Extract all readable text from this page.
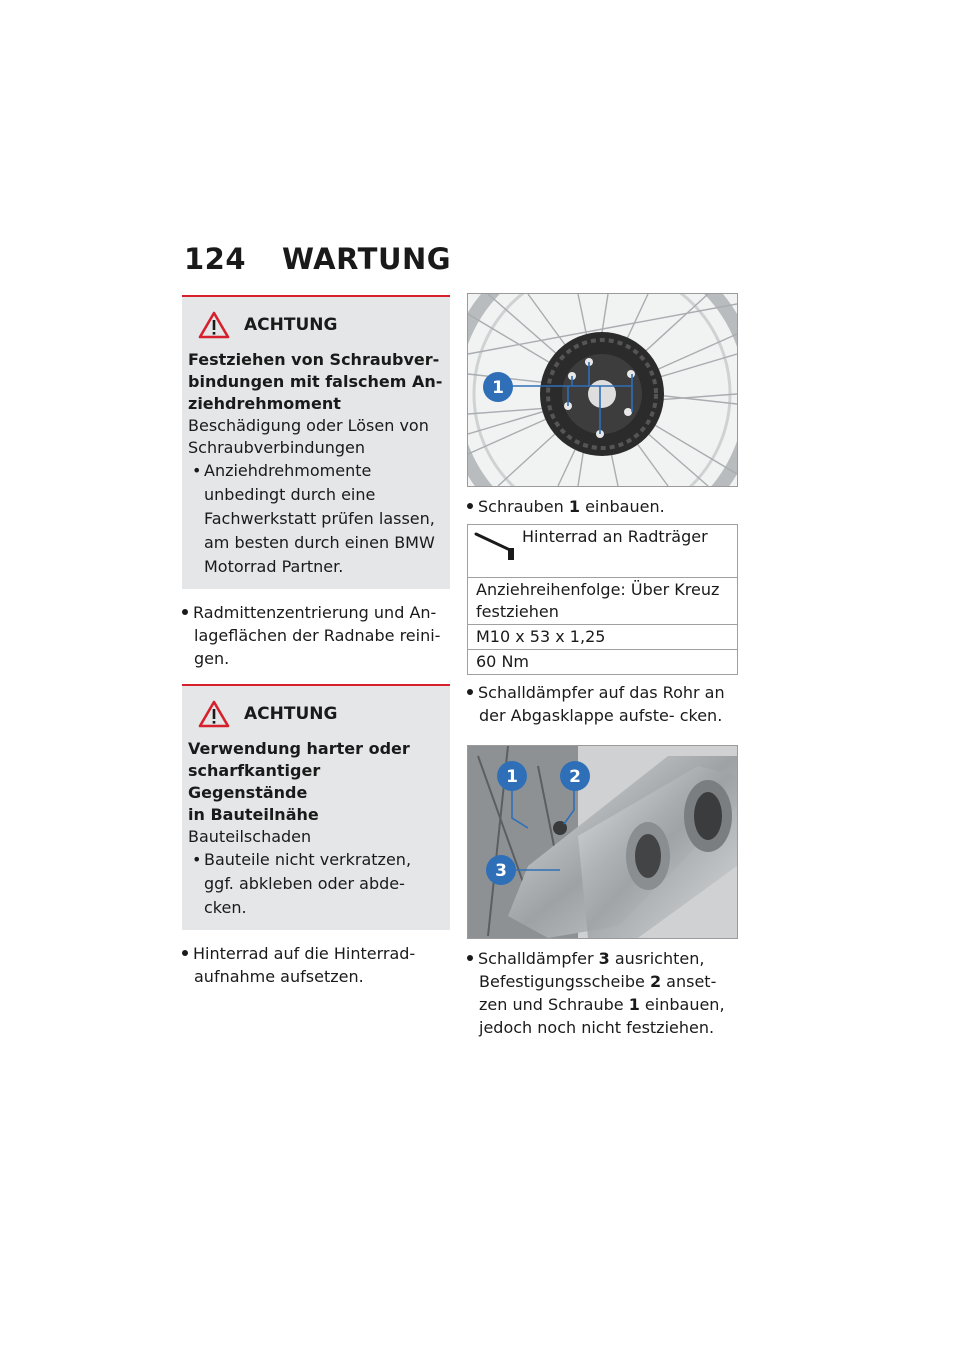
124 WARTUNG
ACHTUNG
Festziehen von Schraubver-
bindungen mit falschem An-
ziehdrehmoment
Beschädigung oder Lösen von Schraubverbindungen
• Anziehdrehmomente unbedingt durch eine Fachwerkstatt prüfen lassen, am besten durch einen BMW Motorrad Partner.
Radmittenzentrierung und An- lageflächen der Radnabe reini- gen.
ACHTUNG
Verwendung harter oder
scharfkantiger Gegenstände
in Bauteilnähe
Bauteilschaden
• Bauteile nicht verkratzen, ggf. abkleben oder abde- cken.
Hinterrad auf die Hinterrad- aufnahme aufsetzen.
1
Schrauben 1 einbauen.
Hinterrad an Radträger

Anziehreihenfolge: Über Kreuz festziehen
M10 x 53 x 1,25
60 Nm
Schalldämpfer auf das Rohr an der Abgasklappe aufste- cken.
1	2
3
Schalldämpfer 3 ausrichten, Befestigungsscheibe 2 anset- zen und Schraube 1 einbauen, jedoch noch nicht festziehen.
